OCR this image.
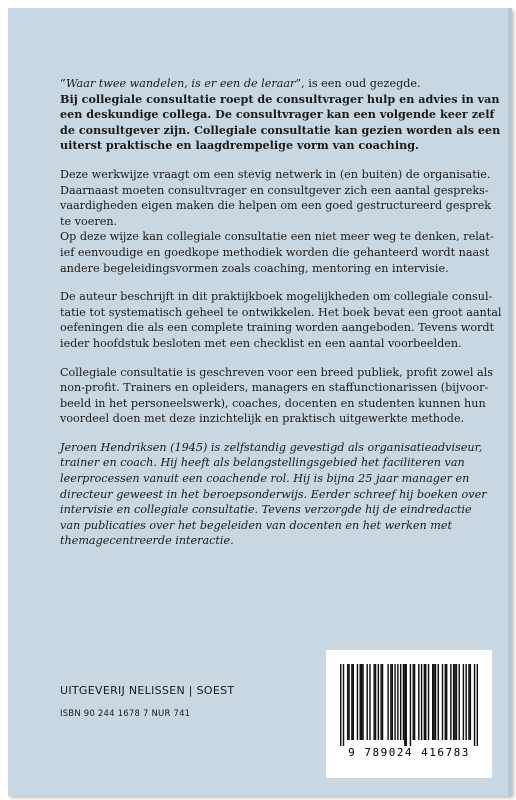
“Waar twee wandelen, is er een de leraar”, is een oud gezegde.
Bij collegiale consultatie roept de consultvrager hulp en advies in van
een deskundige collega. De consultvrager kan een volgende keer zelf
de consultgever zijn. Collegiale consultatie kan gezien worden als een
uiterst praktische en laagdrempelige vorm van coaching.
Deze werkwijze vraagt om een stevig netwerk in (en buiten) de organisatie.
Daarnaast moeten consultvrager en consultgever zich een aantal gespreks-
vaardigheden eigen maken die helpen om een goed gestructureerd gesprek
te voeren.
Op deze wijze kan collegiale consultatie een niet meer weg te denken, relat-
ief eenvoudige en goedkope methodiek worden die gehanteerd wordt naast
andere begeleidingsvormen zoals coaching, mentoring en intervisie.
De auteur beschrijft in dit praktijkboek mogelijkheden om collegiale consul-
tatie tot systematisch geheel te ontwikkelen. Het boek bevat een groot aantal
oefeningen die als een complete training worden aangeboden. Tevens wordt
ieder hoofdstuk besloten met een checklist en een aantal voorbeelden.
Collegiale consultatie is geschreven voor een breed publiek, profit zowel als
non-profit. Trainers en opleiders, managers en staffunctionarissen (bijvoor-
beeld in het personeelswerk), coaches, docenten en studenten kunnen hun
voordeel doen met deze inzichtelijk en praktisch uitgewerkte methode.
Jeroen Hendriksen (1945) is zelfstandig gevestigd als organisatieadviseur,
trainer en coach. Hij heeft als belangstellingsgebied het faciliteren van
leerprocessen vanuit een coachende rol. Hij is bijna 25 jaar manager en
directeur geweest in het beroepsonderwijs. Eerder schreef hij boeken over
intervisie en collegiale consultatie. Tevens verzorgde hij de eindredactie
van publicaties over het begeleiden van docenten en het werken met
themagecentreerde interactie.
UITGEVERIJ NELISSEN | SOEST
ISBN 90 244 1678 7 NUR 741
9 789024 416783
